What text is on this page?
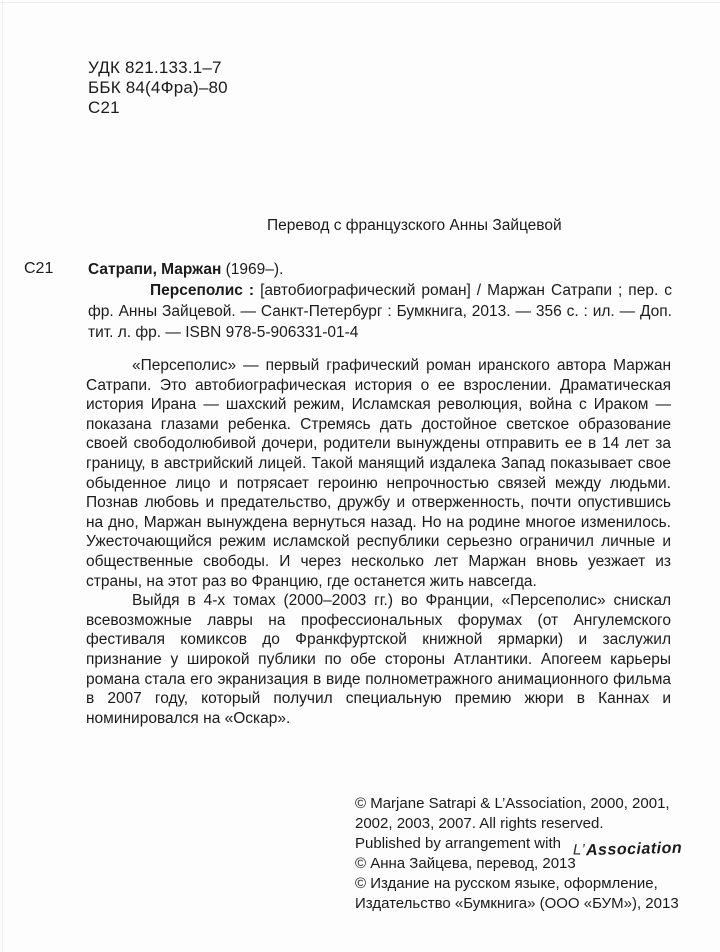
УДК 821.133.1–7
ББК 84(4Фра)–80
С21
Перевод с французского Анны Зайцевой
С21 Сатрапи, Маржан (1969–).

Персеполис : [автобиографический роман] / Маржан Сатрапи ; пер. с фр. Анны Зайцевой. — Санкт-Петербург : Бумкнига, 2013. — 356 с. : ил. — Доп. тит. л. фр. — ISBN 978-5-906331-01-4

«Персеполис» — первый графический роман иранского автора Маржан Сатрапи. Это автобиографическая история о ее взрослении. Драматическая история Ирана — шахский режим, Исламская революция, война с Ираком — показана глазами ребенка. Стремясь дать достойное светское образование своей свободолюбивой дочери, родители вынуждены отправить ее в 14 лет за границу, в австрийский лицей. Такой манящий издалека Запад показывает свое обыденное лицо и потрясает героиню непрочностью связей между людьми. Познав любовь и предательство, дружбу и отверженность, почти опустившись на дно, Маржан вынуждена вернуться назад. Но на родине многое изменилось. Ужесточающийся режим исламской республики серьезно ограничил личные и общественные свободы. И через несколько лет Маржан вновь уезжает из страны, на этот раз во Францию, где останется жить навсегда.

Выйдя в 4-х томах (2000–2003 гг.) во Франции, «Персеполис» снискал всевозможные лавры на профессиональных форумах (от Ангулемского фестиваля комиксов до Франкфуртской книжной ярмарки) и заслужил признание у широкой публики по обе стороны Атлантики. Апогеем карьеры романа стала его экранизация в виде полнометражного анимационного фильма в 2007 году, который получил специальную премию жюри в Каннах и номинировался на «Оскар».

© Marjane Satrapi & L’Association, 2000, 2001,
2002, 2003, 2007. All rights reserved.
Published by arrangement with
© Анна Зайцева, перевод, 2013
© Издание на русском языке, оформление,
Издательство «Бумкнига» (ООО «БУМ»), 2013
L’Association
